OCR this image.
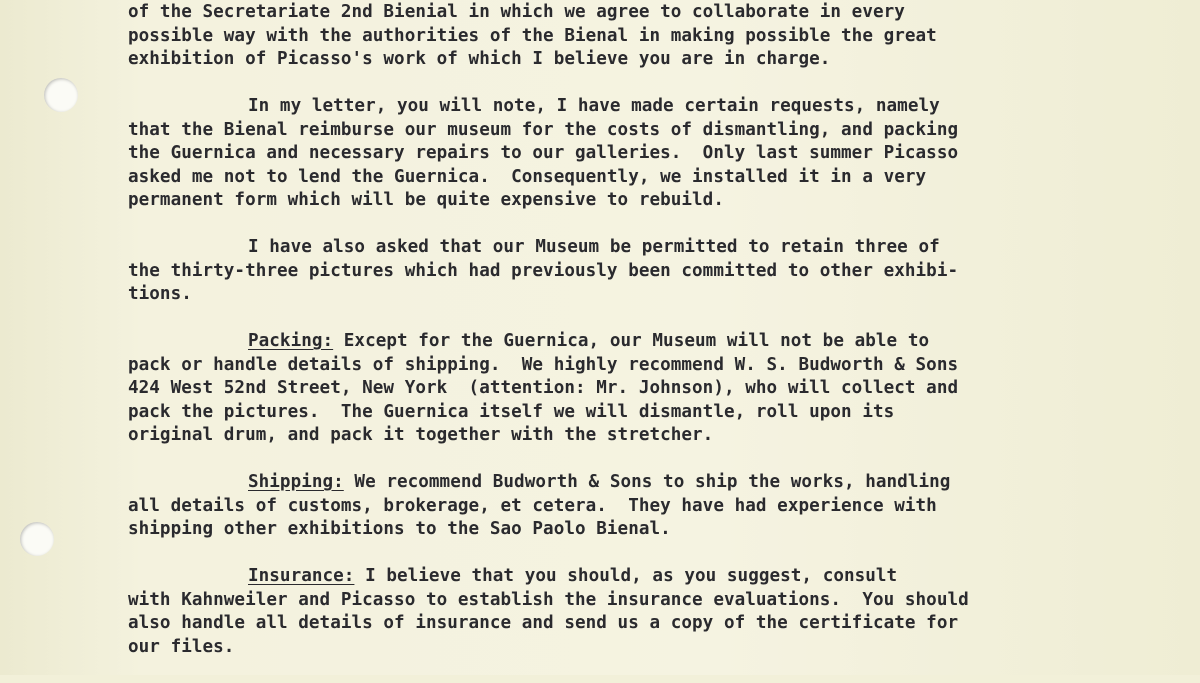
of the Secretariate 2nd Bienial in which we agree to collaborate in every
possible way with the authorities of the Bienal in making possible the great
exhibition of Picasso's work of which I believe you are in charge.
In my letter, you will note, I have made certain requests, namely
that the Bienal reimburse our museum for the costs of dismantling, and packing
the Guernica and necessary repairs to our galleries.  Only last summer Picasso
asked me not to lend the Guernica.  Consequently, we installed it in a very
permanent form which will be quite expensive to rebuild.
I have also asked that our Museum be permitted to retain three of
the thirty-three pictures which had previously been committed to other exhibi-
tions.
Packing: Except for the Guernica, our Museum will not be able to
pack or handle details of shipping.  We highly recommend W. S. Budworth & Sons
424 West 52nd Street, New York  (attention: Mr. Johnson), who will collect and
pack the pictures.  The Guernica itself we will dismantle, roll upon its
original drum, and pack it together with the stretcher.
Shipping: We recommend Budworth & Sons to ship the works, handling
all details of customs, brokerage, et cetera.  They have had experience with
shipping other exhibitions to the Sao Paolo Bienal.
Insurance: I believe that you should, as you suggest, consult
with Kahnweiler and Picasso to establish the insurance evaluations.  You should
also handle all details of insurance and send us a copy of the certificate for
our files.
